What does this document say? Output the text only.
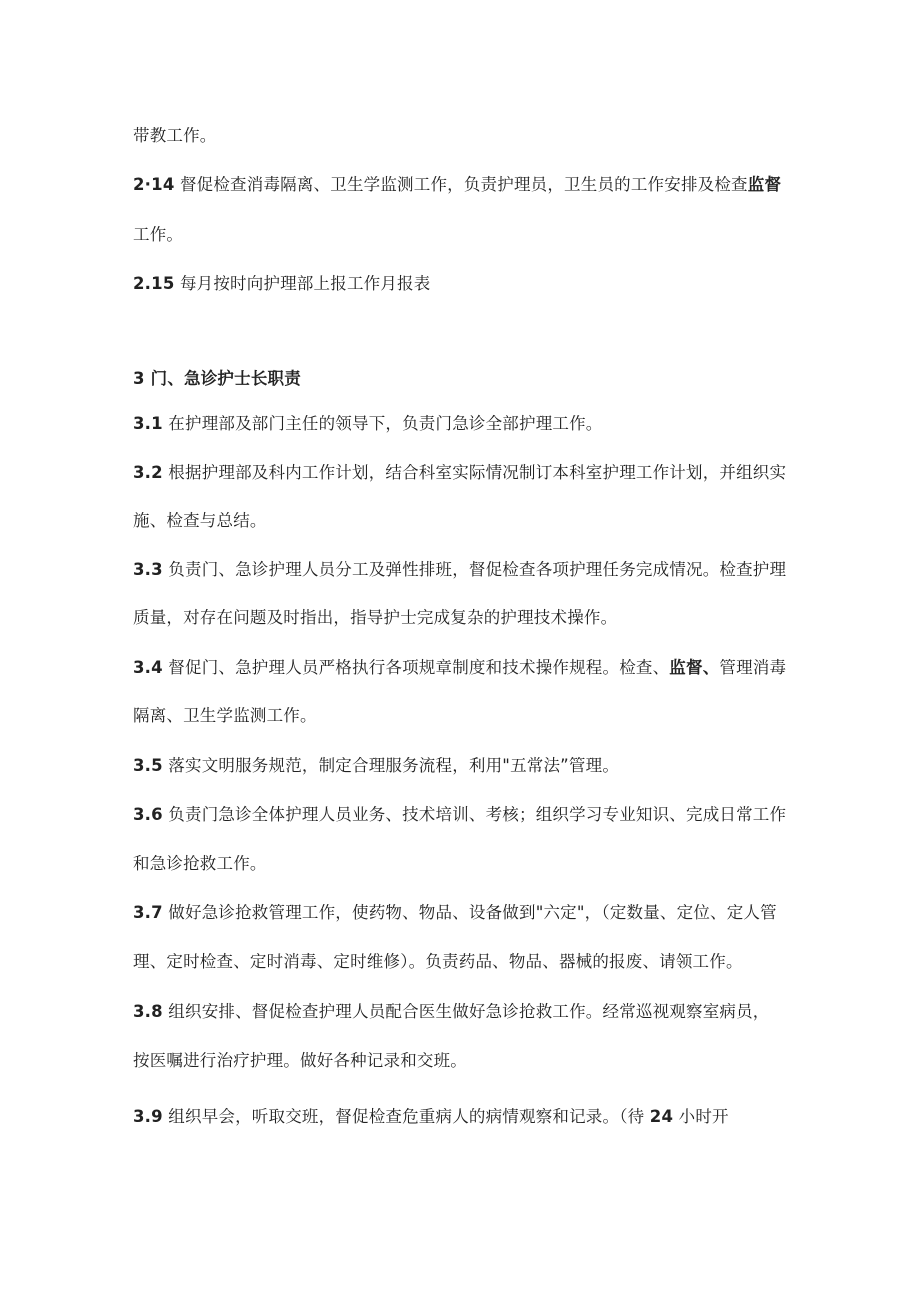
带教工作。
2·14 督促检查消毒隔离、卫生学监测工作，负责护理员，卫生员的工作安排及检查监督
工作。
2.15 每月按时向护理部上报工作月报表
3 门、急诊护士长职责
3.1 在护理部及部门主任的领导下，负责门急诊全部护理工作。
3.2 根据护理部及科内工作计划，结合科室实际情况制订本科室护理工作计划，并组织实
施、检查与总结。
3.3 负责门、急诊护理人员分工及弹性排班，督促检查各项护理任务完成情况。检查护理
质量，对存在问题及时指出，指导护士完成复杂的护理技术操作。
3.4 督促门、急护理人员严格执行各项规章制度和技术操作规程。检查、监督、管理消毒
隔离、卫生学监测工作。
3.5 落实文明服务规范，制定合理服务流程，利用"五常法”管理。
3.6 负责门急诊全体护理人员业务、技术培训、考核；组织学习专业知识、完成日常工作
和急诊抢救工作。
3.7 做好急诊抢救管理工作，使药物、物品、设备做到"六定"，（定数量、定位、定人管
理、定时检查、定时消毒、定时维修）。负责药品、物品、器械的报废、请领工作。
3.8 组织安排、督促检查护理人员配合医生做好急诊抢救工作。经常巡视观察室病员，
按医嘱进行治疗护理。做好各种记录和交班。
3.9 组织早会，听取交班，督促检查危重病人的病情观察和记录。（待 24 小时开
